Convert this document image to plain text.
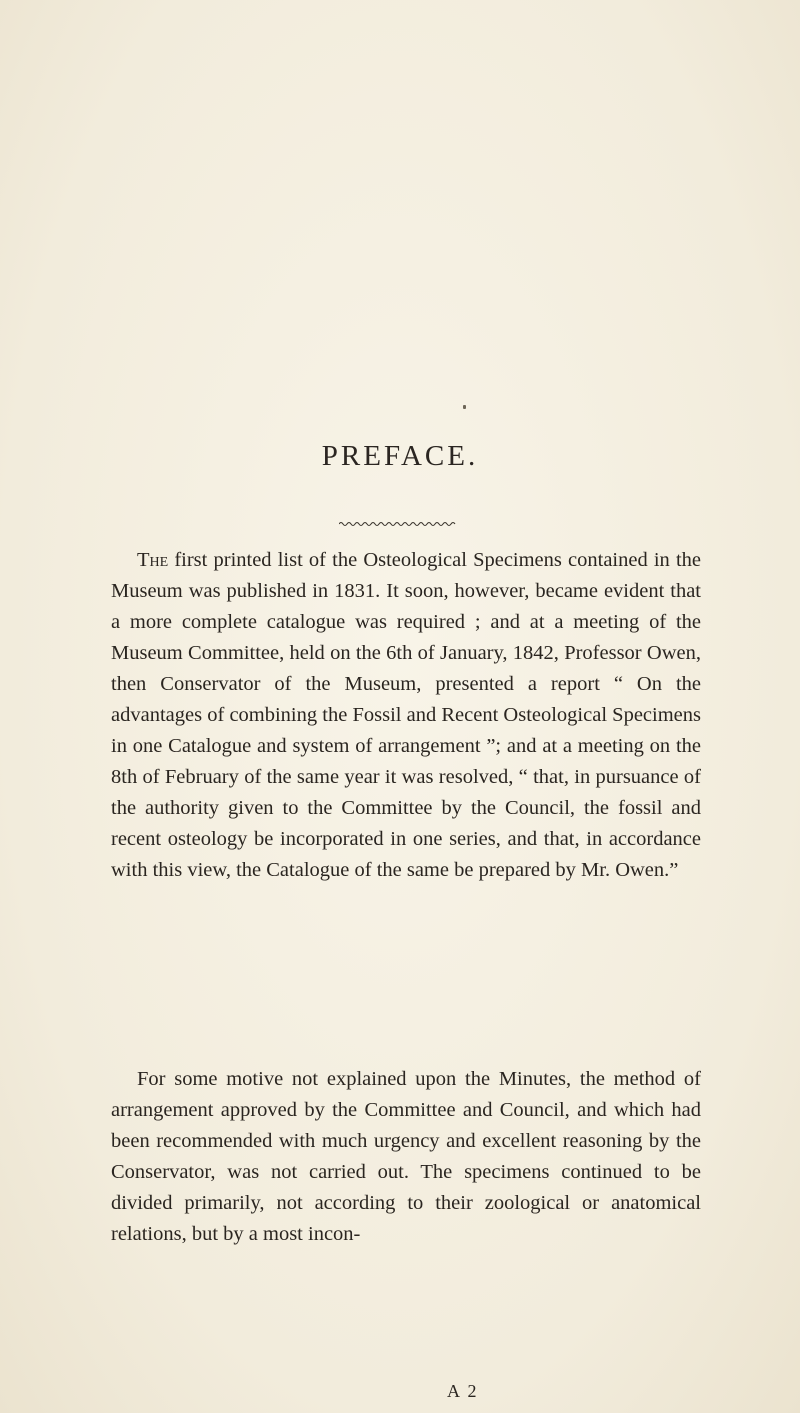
PREFACE.

The first printed list of the Osteological Specimens contained in the Museum was published in 1831. It soon, however, became evident that a more complete catalogue was required ; and at a meeting of the Museum Committee, held on the 6th of January, 1842, Professor Owen, then Conservator of the Museum, presented a report “ On the advantages of combining the Fossil and Recent Osteological Specimens in one Catalogue and system of arrangement ”; and at a meeting on the 8th of February of the same year it was resolved, “ that, in pursuance of the authority given to the Committee by the Council, the fossil and recent osteology be incorporated in one series, and that, in accordance with this view, the Catalogue of the same be prepared by Mr. Owen.”

For some motive not explained upon the Minutes, the method of arrangement approved by the Committee and Council, and which had been recommended with much urgency and excellent reasoning by the Conservator, was not carried out. The specimens continued to be divided primarily, not according to their zoological or anatomical relations, but by a most incon-

A 2
